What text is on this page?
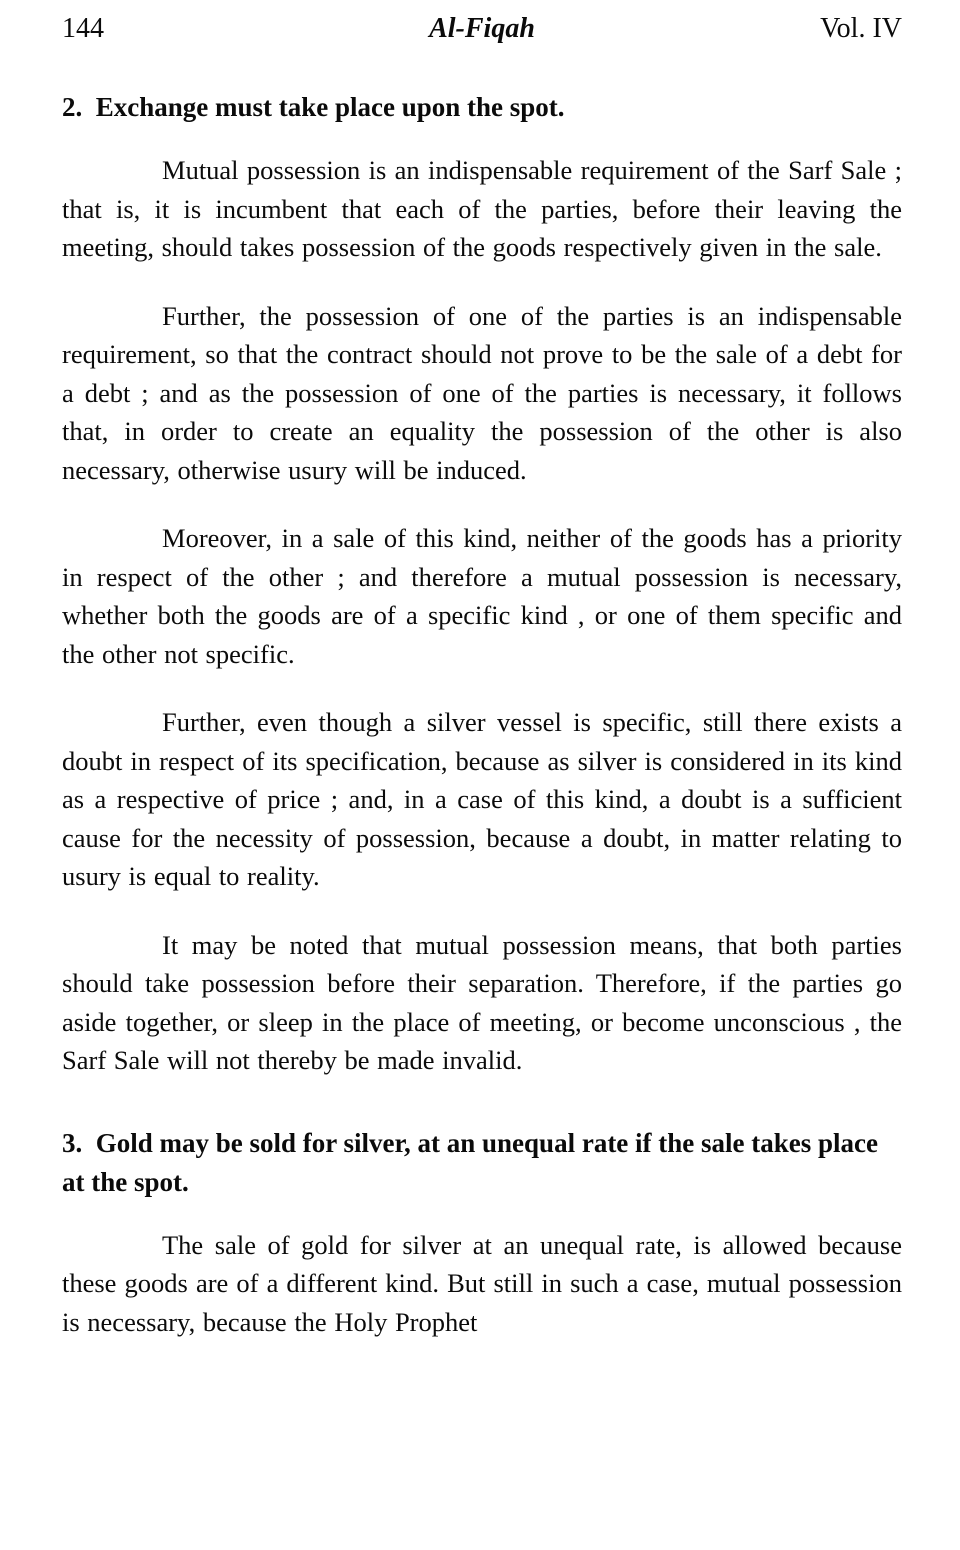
144	Al-Fiqah	Vol. IV
2.  Exchange must take place upon the spot.

Mutual possession is an indispensable requirement of the Sarf Sale ; that is, it is incumbent that each of the parties, before their leaving the meeting, should takes possession of the goods respectively given in the sale.

Further, the possession of one of the parties is an indispensable requirement, so that the contract should not prove to be the sale of a debt for a debt ; and as the possession of one of the parties is necessary, it follows that, in order to create an equality the possession of the other is also necessary, otherwise usury will be induced.

Moreover, in a sale of this kind, neither of the goods has a priority in respect of the other ; and therefore a mutual possession is necessary, whether both the goods are of a specific kind , or one of them specific and the other not specific.

Further, even though a silver vessel is specific, still there exists a doubt in respect of its specification, because as silver is considered in its kind as a respective of price ; and, in a case of this kind, a doubt is a sufficient cause for the necessity of possession, because a doubt, in matter relating to usury is equal to reality.

It may be noted that mutual possession means, that both parties should take possession before their separation. Therefore, if the parties go aside together, or sleep in the place of meeting, or become unconscious , the Sarf Sale will not thereby be made invalid.

3.  Gold may be sold for silver, at an unequal rate if the sale takes place at the spot.

The sale of gold for silver at an unequal rate, is allowed because these goods are of a different kind. But still in such a case, mutual possession is necessary, because the Holy Prophet
